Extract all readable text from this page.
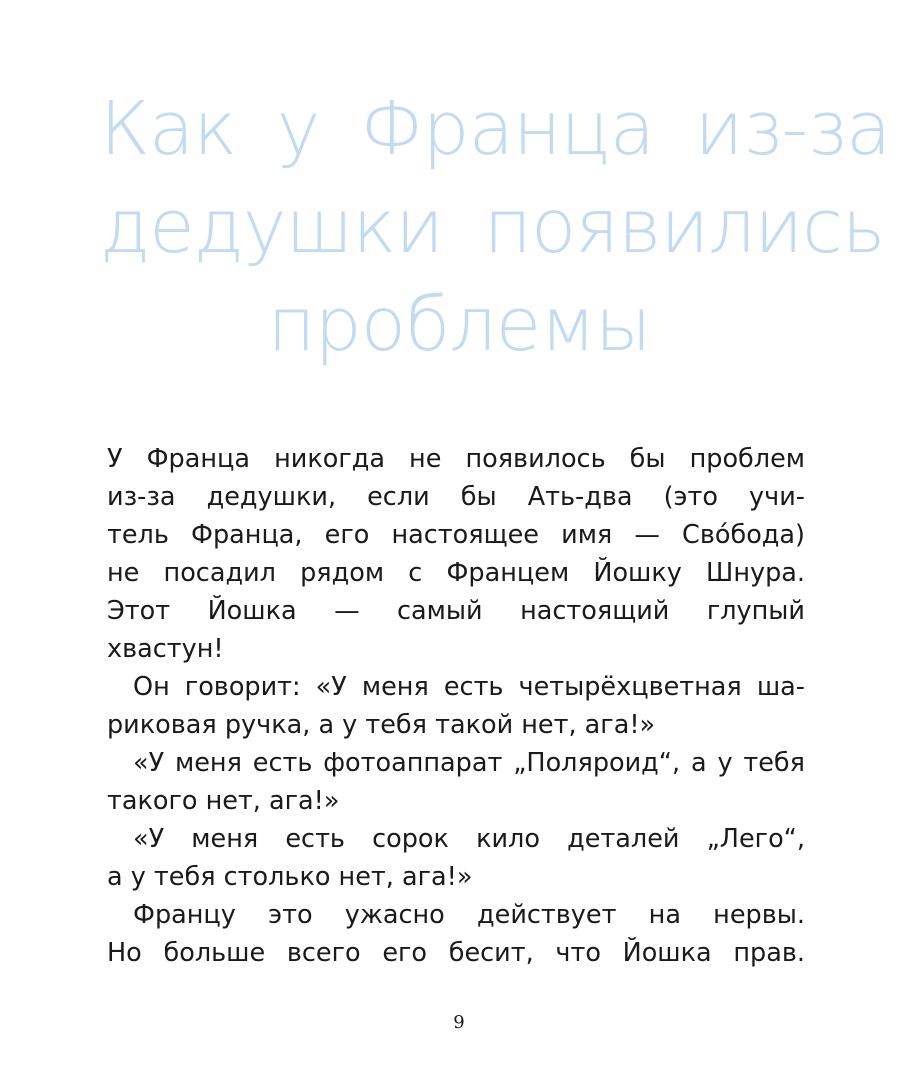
Как у Франца из-за
дедушки появились
проблемы
У Франца никогда не появилось бы проблем
из-за дедушки, если бы Ать-два (это учи-
тель Франца, его настоящее имя — Сво́бода)
не посадил рядом с Францем Йошку Шнура.
Этот Йошка — самый настоящий глупый
хвастун!
Он говорит: «У меня есть четырёхцветная ша-
риковая ручка, а у тебя такой нет, ага!»
«У меня есть фотоаппарат „Поляроид“, а у тебя
такого нет, ага!»
«У меня есть сорок кило деталей „Лего“,
а у тебя столько нет, ага!»
Францу это ужасно действует на нервы.
Но больше всего его бесит, что Йошка прав.
9
